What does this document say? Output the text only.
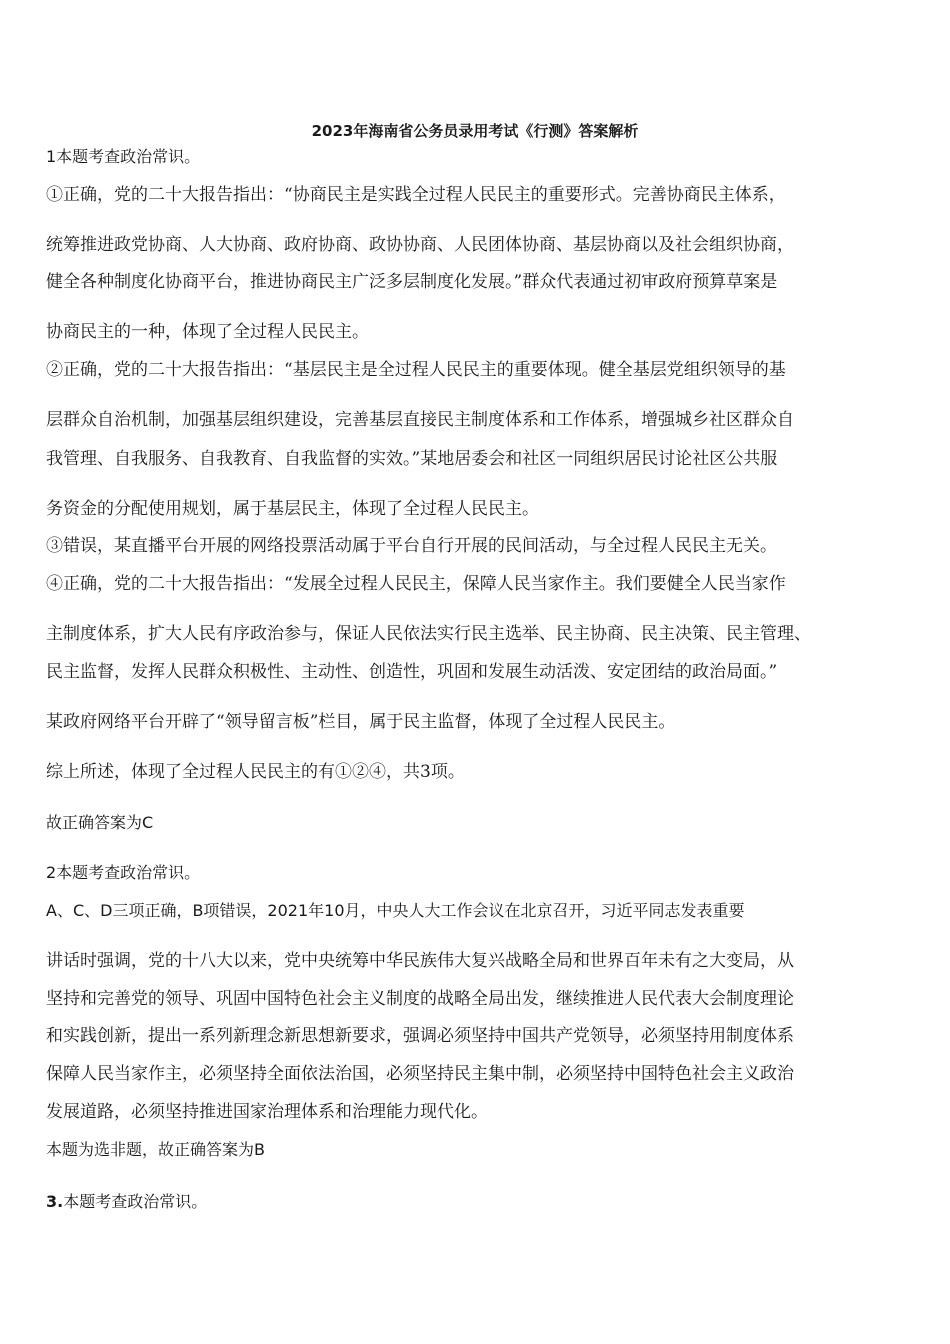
2023年海南省公务员录用考试《行测》答案解析

1本题考查政治常识。

①正确，党的二十大报告指出：“协商民主是实践全过程人民民主的重要形式。完善协商民主体系，

统筹推进政党协商、人大协商、政府协商、政协协商、人民团体协商、基层协商以及社会组织协商，

健全各种制度化协商平台，推进协商民主广泛多层制度化发展。”群众代表通过初审政府预算草案是

协商民主的一种，体现了全过程人民民主。

②正确，党的二十大报告指出：“基层民主是全过程人民民主的重要体现。健全基层党组织领导的基

层群众自治机制，加强基层组织建设，完善基层直接民主制度体系和工作体系，增强城乡社区群众自

我管理、自我服务、自我教育、自我监督的实效。”某地居委会和社区一同组织居民讨论社区公共服

务资金的分配使用规划，属于基层民主，体现了全过程人民民主。

③错误，某直播平台开展的网络投票活动属于平台自行开展的民间活动，与全过程人民民主无关。

④正确，党的二十大报告指出：“发展全过程人民民主，保障人民当家作主。我们要健全人民当家作

主制度体系，扩大人民有序政治参与，保证人民依法实行民主选举、民主协商、民主决策、民主管理、

民主监督，发挥人民群众积极性、主动性、创造性，巩固和发展生动活泼、安定团结的政治局面。”

某政府网络平台开辟了“领导留言板”栏目，属于民主监督，体现了全过程人民民主。

综上所述，体现了全过程人民民主的有①②④，共3项。

故正确答案为C

2本题考查政治常识。

A、C、D三项正确，B项错误，2021年10月，中央人大工作会议在北京召开，习近平同志发表重要

讲话时强调，党的十八大以来，党中央统筹中华民族伟大复兴战略全局和世界百年未有之大变局，从

坚持和完善党的领导、巩固中国特色社会主义制度的战略全局出发，继续推进人民代表大会制度理论

和实践创新，提出一系列新理念新思想新要求，强调必须坚持中国共产党领导，必须坚持用制度体系

保障人民当家作主，必须坚持全面依法治国，必须坚持民主集中制，必须坚持中国特色社会主义政治

发展道路，必须坚持推进国家治理体系和治理能力现代化。

本题为选非题，故正确答案为B

3.本题考查政治常识。
